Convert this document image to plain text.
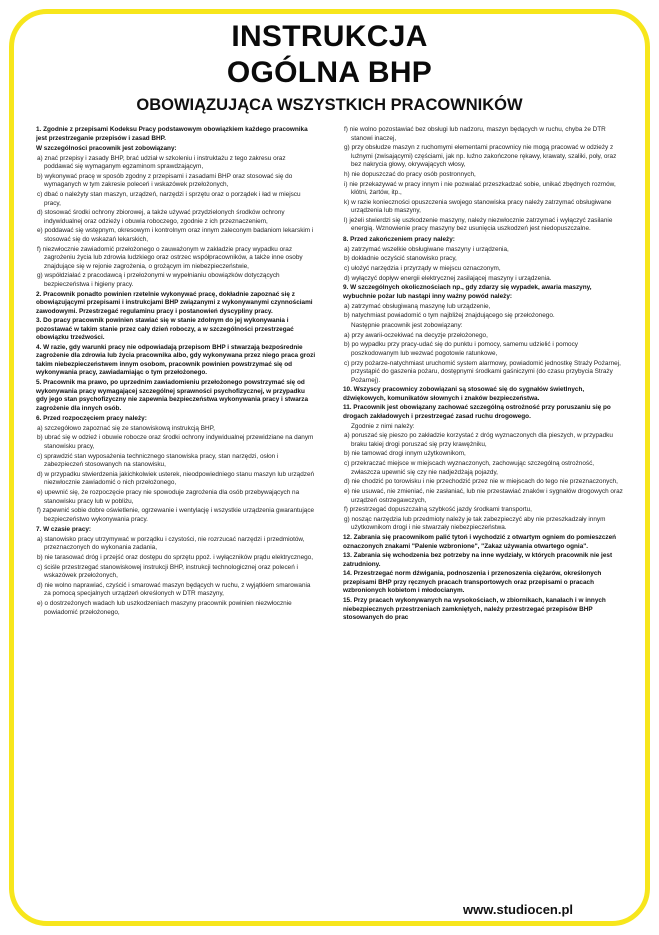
INSTRUKCJA
OGÓLNA BHP
OBOWIĄZUJĄCA WSZYSTKICH PRACOWNIKÓW

1. Zgodnie z przepisami Kodeksu Pracy podstawowym obowiązkiem każdego pracownika jest przestrzeganie przepisów i zasad BHP.

W szczególności pracownik jest zobowiązany:

a) znać przepisy i zasady BHP, brać udział w szkoleniu i instruktażu z tego zakresu oraz poddawać się wymaganym egzaminom sprawdzającym,

b) wykonywać pracę w sposób zgodny z przepisami i zasadami BHP oraz stosować się do wymaganych w tym zakresie poleceń i wskazówek przełożonych,

c) dbać o należyty stan maszyn, urządzeń, narzędzi i sprzętu oraz o porządek i ład w miejscu pracy,

d) stosować środki ochrony zbiorowej, a także używać przydzielonych środków ochrony indywidualnej oraz odzieży i obuwia roboczego, zgodnie z ich przeznaczeniem,

e) poddawać się wstępnym, okresowym i kontrolnym oraz innym zaleconym badaniom lekarskim i stosować się do wskazań lekarskich,

f) niezwłocznie zawiadomić przełożonego o zauważonym w zakładzie pracy wypadku oraz zagrożeniu życia lub zdrowia ludzkiego oraz ostrzec współpracowników, a także inne osoby znajdujące się w rejonie zagrożenia, o grożącym im niebezpieczeństwie,

g) współdziałać z pracodawcą i przełożonymi w wypełnianiu obowiązków dotyczących bezpieczeństwa i higieny pracy.

2. Pracownik ponadto powinien rzetelnie wykonywać pracę, dokładnie zapoznać się z obowiązującymi przepisami i instrukcjami BHP związanymi z wykonywanymi czynnościami zawodowymi. Przestrzegać regulaminu pracy i postanowień dyscypliny pracy.

3. Do pracy pracownik powinien stawiać się w stanie zdolnym do jej wykonywania i pozostawać w takim stanie przez cały dzień roboczy, a w szczególności przestrzegać obowiązku trzeźwości.

4. W razie, gdy warunki pracy nie odpowiadają przepisom BHP i stwarzają bezpośrednie zagrożenie dla zdrowia lub życia pracownika albo, gdy wykonywana przez niego praca grozi takim niebezpieczeństwem innym osobom, pracownik powinien powstrzymać się od wykonywania pracy, zawiadamiając o tym przełożonego.

5. Pracownik ma prawo, po uprzednim zawiadomieniu przełożonego powstrzymać się od wykonywania pracy wymagającej szczególnej sprawności psychofizycznej, w przypadku gdy jego stan psychofizyczny nie zapewnia bezpieczeństwa wykonywania pracy i stwarza zagrożenie dla innych osób.

6. Przed rozpoczęciem pracy należy:

a) szczegółowo zapoznać się ze stanowiskową instrukcją BHP,

b) ubrać się w odzież i obuwie robocze oraz środki ochrony indywidualnej przewidziane na danym stanowisku pracy,

c) sprawdzić stan wyposażenia technicznego stanowiska pracy, stan narzędzi, osłon i zabezpieczeń stosowanych na stanowisku,

d) w przypadku stwierdzenia jakichkolwiek usterek, nieodpowiedniego stanu maszyn lub urządzeń niezwłocznie zawiadomić o nich przełożonego,

e) upewnić się, że rozpoczęcie pracy nie spowoduje zagrożenia dla osób przebywających na stanowisku pracy lub w pobliżu,

f) zapewnić sobie dobre oświetlenie, ogrzewanie i wentylację i wszystkie urządzenia gwarantujące bezpieczeństwo wykonywania pracy.

7. W czasie pracy:

a) stanowisko pracy utrzymywać w porządku i czystości, nie rozrzucać narzędzi i przedmiotów, przeznaczonych do wykonania zadania,

b) nie tarasować dróg i przejść oraz dostępu do sprzętu ppoż. i wyłączników prądu elektrycznego,

c) ściśle przestrzegać stanowiskowej instrukcji BHP, instrukcji technologicznej oraz poleceń i wskazówek przełożonych,

d) nie wolno naprawiać, czyścić i smarować maszyn będących w ruchu, z wyjątkiem smarowania za pomocą specjalnych urządzeń określonych w DTR maszyny,

e) o dostrzeżonych wadach lub uszkodzeniach maszyny pracownik powinien niezwłocznie powiadomić przełożonego,

f) nie wolno pozostawiać bez obsługi lub nadzoru, maszyn będących w ruchu, chyba że DTR stanowi inaczej,

g) przy obsłudze maszyn z ruchomymi elementami pracownicy nie mogą pracować w odzieży z luźnymi (zwisającymi) częściami, jak np. luźno zakończone rękawy, krawaty, szaliki, poły, oraz bez nakrycia głowy, okrywających włosy,

h) nie dopuszczać do pracy osób postronnych,

i) nie przekazywać w pracy innym i nie pozwalać przeszkadzać sobie, unikać zbędnych rozmów, kłótni, żartów, itp.,

k) w razie konieczności opuszczenia swojego stanowiska pracy należy zatrzymać obsługiwane urządzenia lub maszyny,

l) jeżeli stwierdzi się uszkodzenie maszyny, należy niezwłocznie zatrzymać i wyłączyć zasilanie energią. Wznowienie pracy maszyny bez usunięcia uszkodzeń jest niedopuszczalne.

8. Przed zakończeniem pracy należy:

a) zatrzymać wszelkie obsługiwane maszyny i urządzenia,

b) dokładnie oczyścić stanowisko pracy,

c) ułożyć narzędzia i przyrządy w miejscu oznaczonym,

d) wyłączyć dopływ energii elektrycznej zasilającej maszyny i urządzenia.

9. W szczególnych okolicznościach np., gdy zdarzy się wypadek, awaria maszyny, wybuchnie pożar lub nastąpi inny ważny powód należy:

a) zatrzymać obsługiwaną maszynę lub urządzenie,

b) natychmiast powiadomić o tym najbliżej znajdującego się przełożonego.

Następnie pracownik jest zobowiązany:

a) przy awarii-oczekiwać na decyzje przełożonego,

b) po wypadku przy pracy-udać się do punktu i pomocy, samemu udzielić i pomocy poszkodowanym lub wezwać pogotowie ratunkowe,

c) przy pożarze-natychmiast uruchomić system alarmowy, powiadomić jednostkę Straży Pożarnej, przystąpić do gaszenia pożaru, dostępnymi środkami gaśniczymi (do czasu przybycia Straży Pożarnej).

10. Wszyscy pracownicy zobowiązani są stosować się do sygnałów świetlnych, dźwiękowych, komunikatów słownych i znaków bezpieczeństwa.

11. Pracownik jest obowiązany zachować szczególną ostrożność przy poruszaniu się po drogach zakładowych i przestrzegać zasad ruchu drogowego.

Zgodnie z nimi należy:

a) poruszać się pieszo po zakładzie korzystać z dróg wyznaczonych dla pieszych, w przypadku braku takiej drogi poruszać się przy krawężniku,

b) nie tamować drogi innym użytkownikom,

c) przekraczać miejsce w miejscach wyznaczonych, zachowując szczególną ostrożność, zwłaszcza upewnić się czy nie nadjeżdżają pojazdy,

d) nie chodzić po torowisku i nie przechodzić przez nie w miejscach do tego nie przeznaczonych,

e) nie usuwać, nie zmieniać, nie zasłaniać, lub nie przestawiać znaków i sygnałów drogowych oraz urządzeń ostrzegawczych,

f) przestrzegać dopuszczalną szybkość jazdy środkami transportu,

g) nosząc narzędzia lub przedmioty należy je tak zabezpieczyć aby nie przeszkadzały innym użytkownikom drogi i nie stwarzały niebezpieczeństwa.

12. Zabrania się pracownikom palić tytoń i wychodzić z otwartym ogniem do pomieszczeń oznaczonych znakami "Palenie wzbronione", "Zakaz używania otwartego ognia".

13. Zabrania się wchodzenia bez potrzeby na inne wydziały, w których pracownik nie jest zatrudniony.

14. Przestrzegać norm dźwigania, podnoszenia i przenoszenia ciężarów, określonych przepisami BHP przy ręcznych pracach transportowych oraz przepisami o pracach wzbronionych kobietom i młodocianym.

15. Przy pracach wykonywanych na wysokościach, w zbiornikach, kanałach i w innych niebezpiecznych przestrzeniach zamkniętych, należy przestrzegać przepisów BHP stosowanych do prac

www.studiocen.pl
